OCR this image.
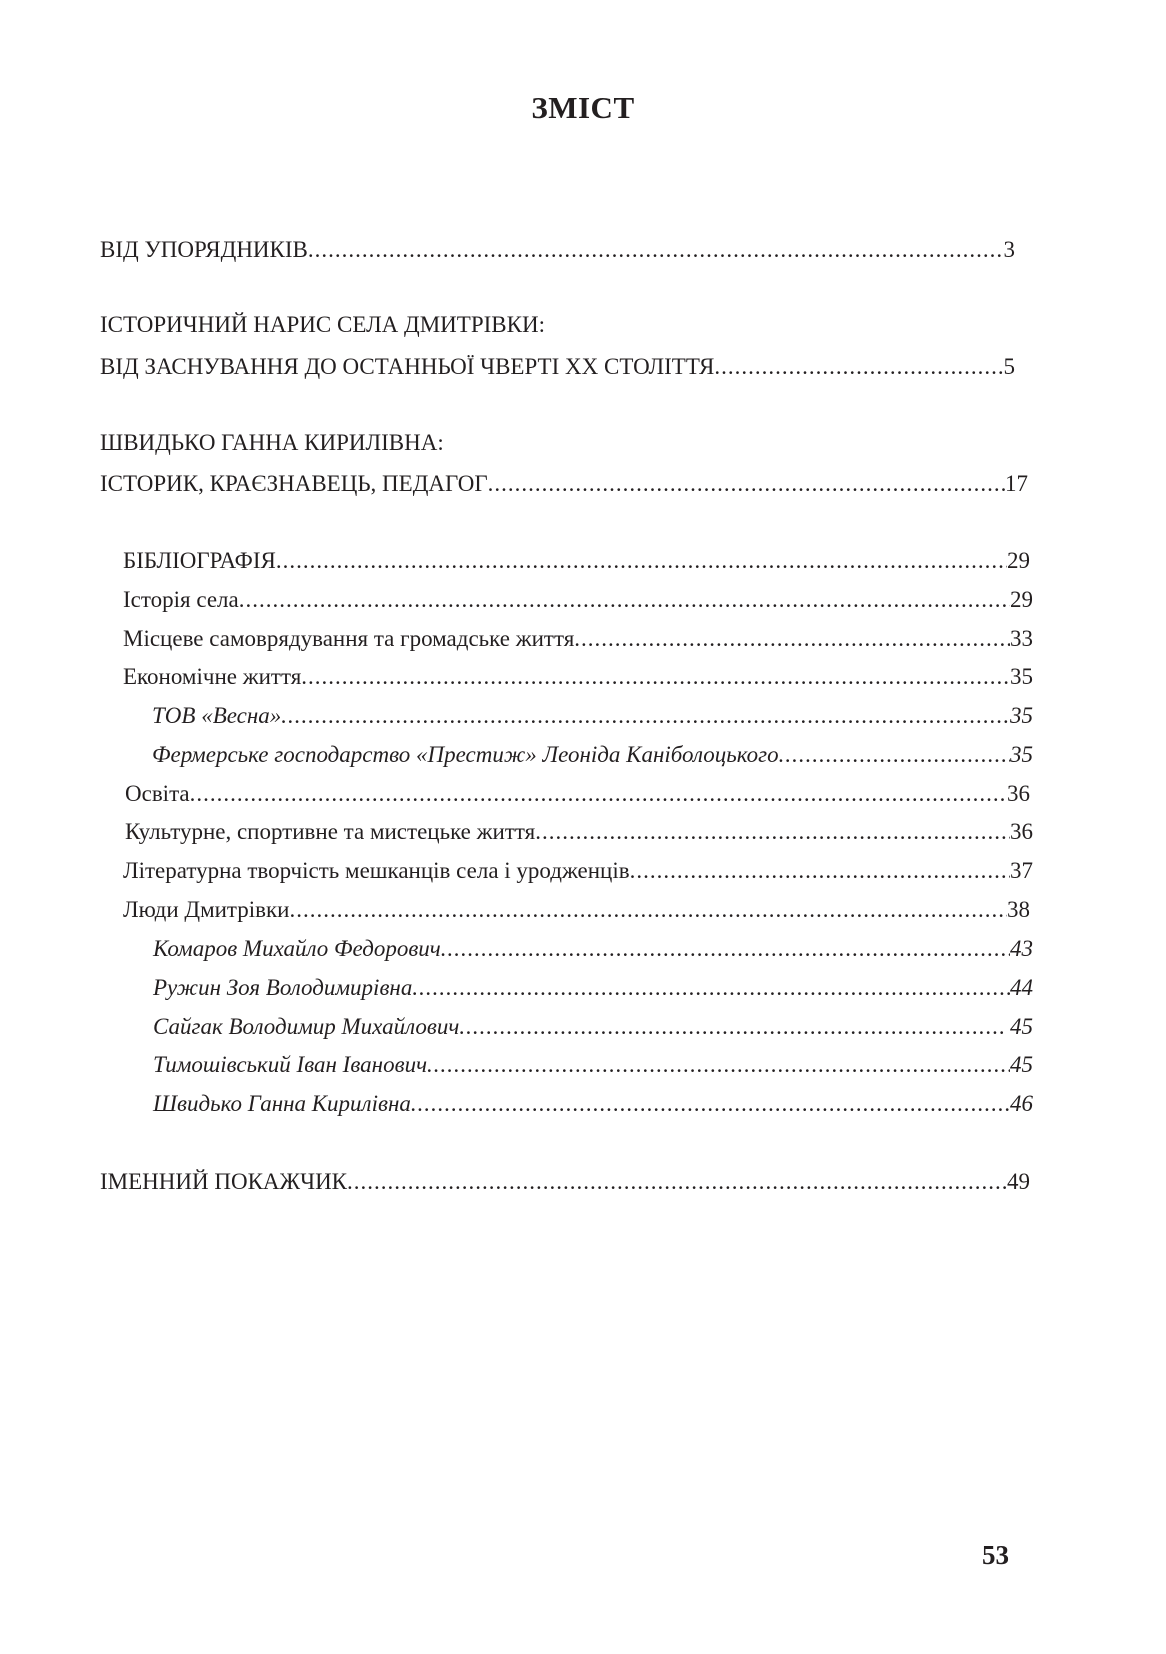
ЗМІСТ
ВІД УПОРЯДНИКІВ .....	3
ІСТОРИЧНИЙ НАРИС СЕЛА ДМИТРІВКИ:
ВІД ЗАСНУВАННЯ ДО ОСТАННЬОЇ ЧВЕРТІ XX СТОЛІТТЯ .....	5
ШВИДЬКО ГАННА КИРИЛІВНА:
ІСТОРИК, КРАЄЗНАВЕЦЬ, ПЕДАГОГ .....	17
БІБЛІОГРАФІЯ .....	29
Історія села .....	29
Місцеве самоврядування та громадське життя .....	33
Економічне життя .....	35
ТОВ «Весна» .....	35
Фермерське господарство «Престиж» Леоніда Каніболоцького .....	35
Освіта .....	36
Культурне, спортивне та мистецьке життя .....	36
Літературна творчість мешканців села і уродженців .....	37
Люди Дмитрівки .....	38
Комаров Михайло Федорович .....	43
Ружин Зоя Володимирівна .....	44
Сайгак Володимир Михайлович .....	45
Тимошівський Іван Іванович .....	45
Швидько Ганна Кирилівна .....	46
ІМЕННИЙ ПОКАЖЧИК .....	49
53
